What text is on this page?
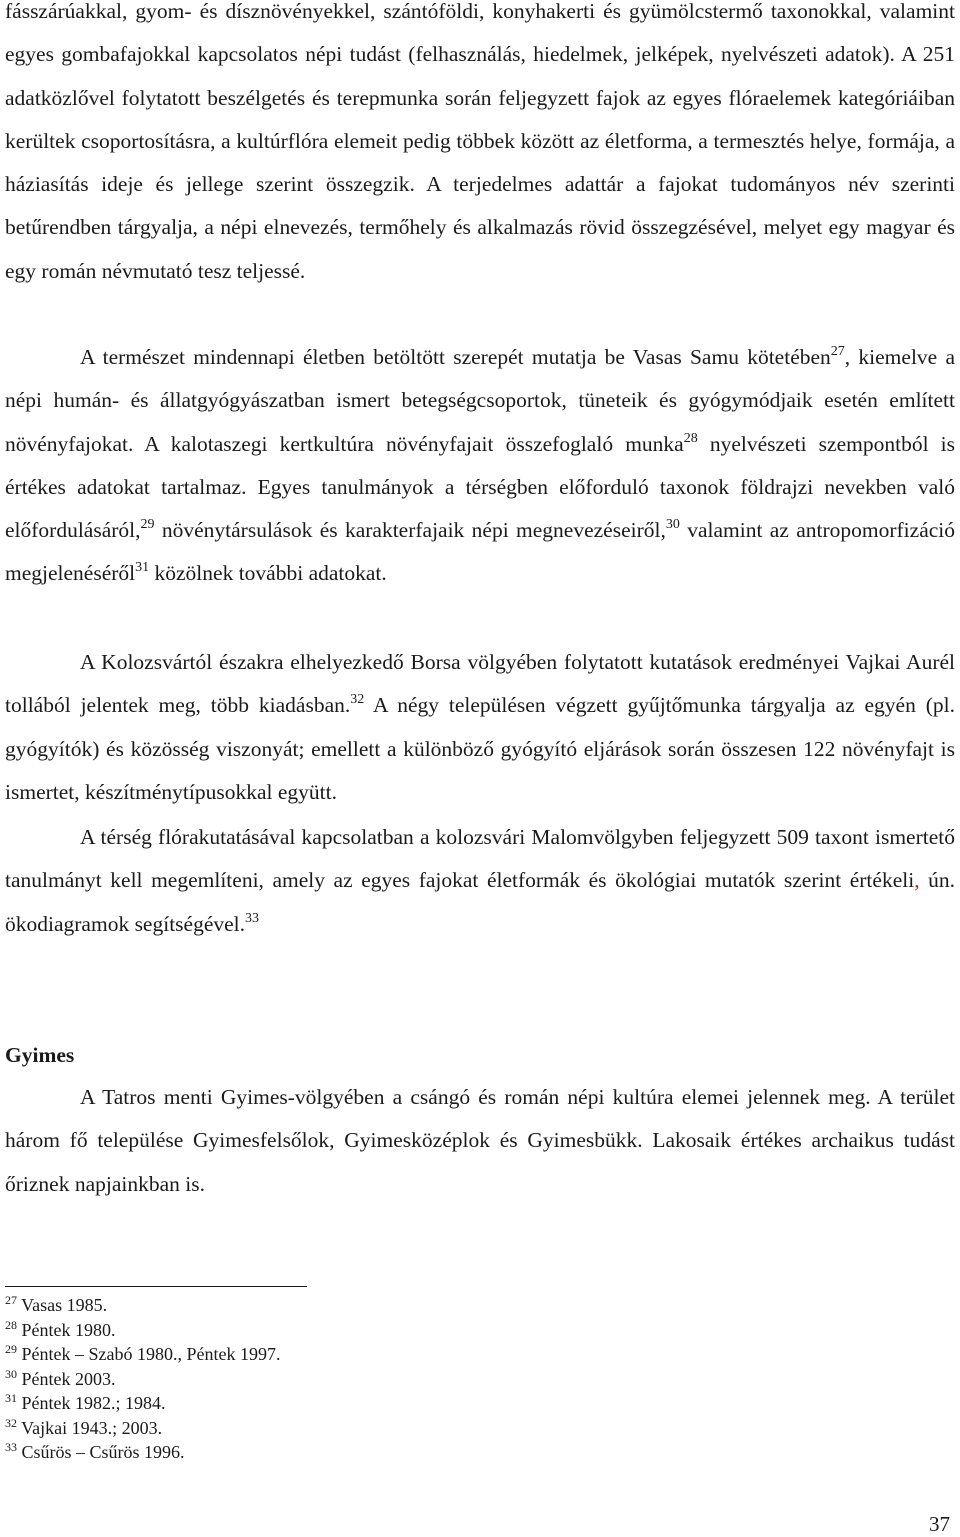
fásszárúakkal, gyom- és dísznövényekkel, szántóföldi, konyhakerti és gyümölcstermő taxonokkal, valamint egyes gombafajokkal kapcsolatos népi tudást (felhasználás, hiedelmek, jelképek, nyelvészeti adatok). A 251 adatközlővel folytatott beszélgetés és terepmunka során feljegyzett fajok az egyes flóraelemek kategóriáiban kerültek csoportosításra, a kultúrflóra elemeit pedig többek között az életforma, a termesztés helye, formája, a háziasítás ideje és jellege szerint összegzik. A terjedelmes adattár a fajokat tudományos név szerinti betűrendben tárgyalja, a népi elnevezés, termőhely és alkalmazás rövid összegzésével, melyet egy magyar és egy román névmutató tesz teljessé.

A természet mindennapi életben betöltött szerepét mutatja be Vasas Samu kötetében$^{27}$, kiemelve a népi humán- és állatgyógyászatban ismert betegségcsoportok, tüneteik és gyógymódjaik esetén említett növényfajokat. A kalotaszegi kertkultúra növényfajait összefoglaló munka$^{28}$ nyelvészeti szempontból is értékes adatokat tartalmaz. Egyes tanulmányok a térségben előforduló taxonok földrajzi nevekben való előfordulásáról,$^{29}$ növénytársulások és karakterfajaik népi megnevezéseiről,$^{30}$ valamint az antropomorfizáció megjelenéséről$^{31}$ közölnek további adatokat.

A Kolozsvártól északra elhelyezkedő Borsa völgyében folytatott kutatások eredményei Vajkai Aurél tollából jelentek meg, több kiadásban.$^{32}$ A négy településen végzett gyűjtőmunka tárgyalja az egyén (pl. gyógyítók) és közösség viszonyát; emellett a különböző gyógyító eljárások során összesen 122 növényfajt is ismertet, készítménytípusokkal együtt.

A térség flórakutatásával kapcsolatban a kolozsvári Malomvölgyben feljegyzett 509 taxont ismertető tanulmányt kell megemlíteni, amely az egyes fajokat életformák és ökológiai mutatók szerint értékeli, ún. ökodiagramok segítségével.$^{33}$

Gyimes

A Tatros menti Gyimes-völgyében a csángó és román népi kultúra elemei jelennek meg. A terület három fő települése Gyimesfelsőlok, Gyimesközéplok és Gyimesbükk. Lakosaik értékes archaikus tudást őriznek napjainkban is.

$^{27}$ Vasas 1985.

$^{28}$ Péntek 1980.

$^{29}$ Péntek – Szabó 1980., Péntek 1997.

$^{30}$ Péntek 2003.

$^{31}$ Péntek 1982.; 1984.

$^{32}$ Vajkai 1943.; 2003.

$^{33}$ Csűrös – Csűrös 1996.

37
